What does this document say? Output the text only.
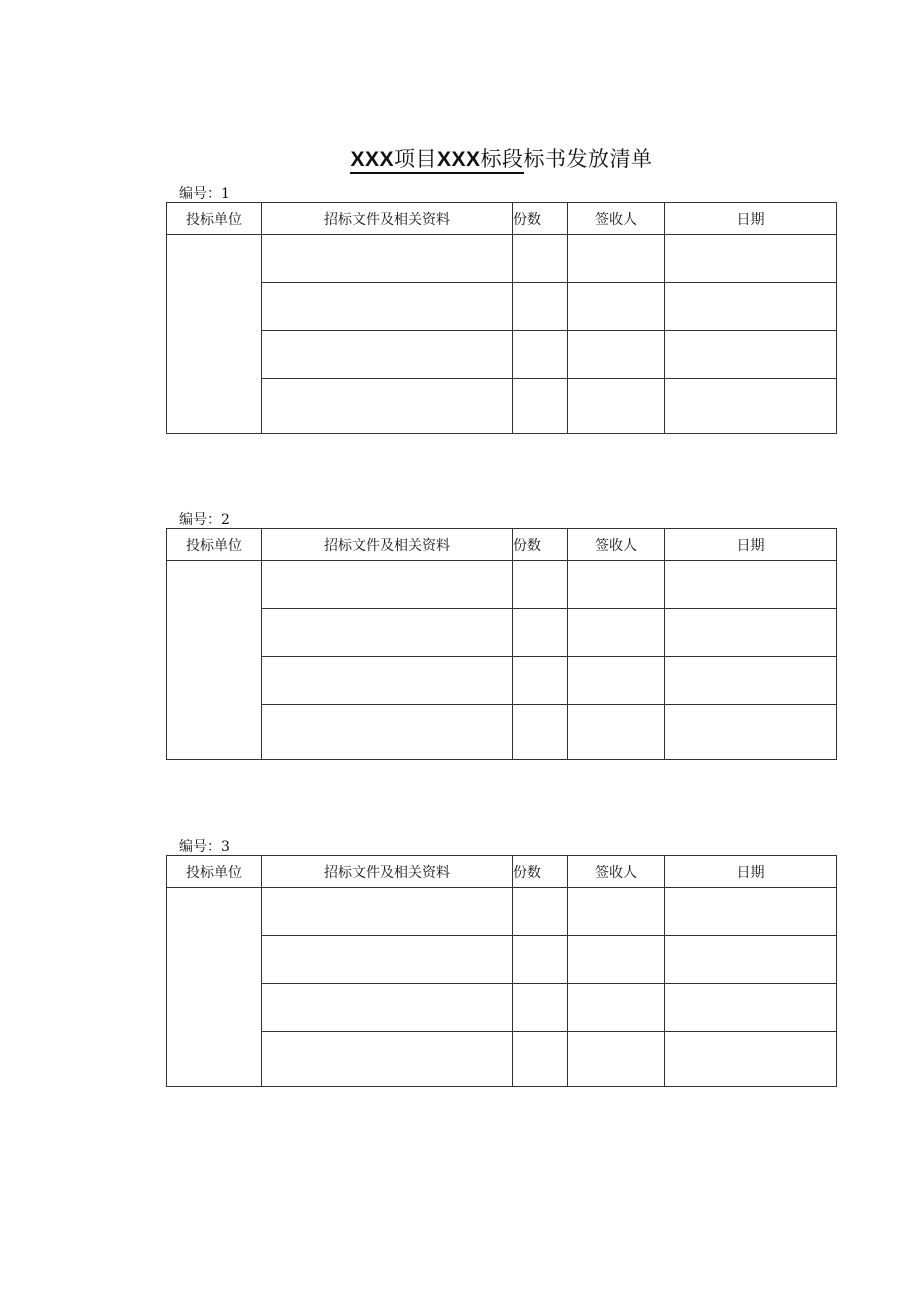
XXX项目XXX标段标书发放清单
编号：1
投标单位	招标文件及相关资料	份数	签收人	日期

编号：2
投标单位	招标文件及相关资料	份数	签收人	日期

编号：3
投标单位	招标文件及相关资料	份数	签收人	日期
